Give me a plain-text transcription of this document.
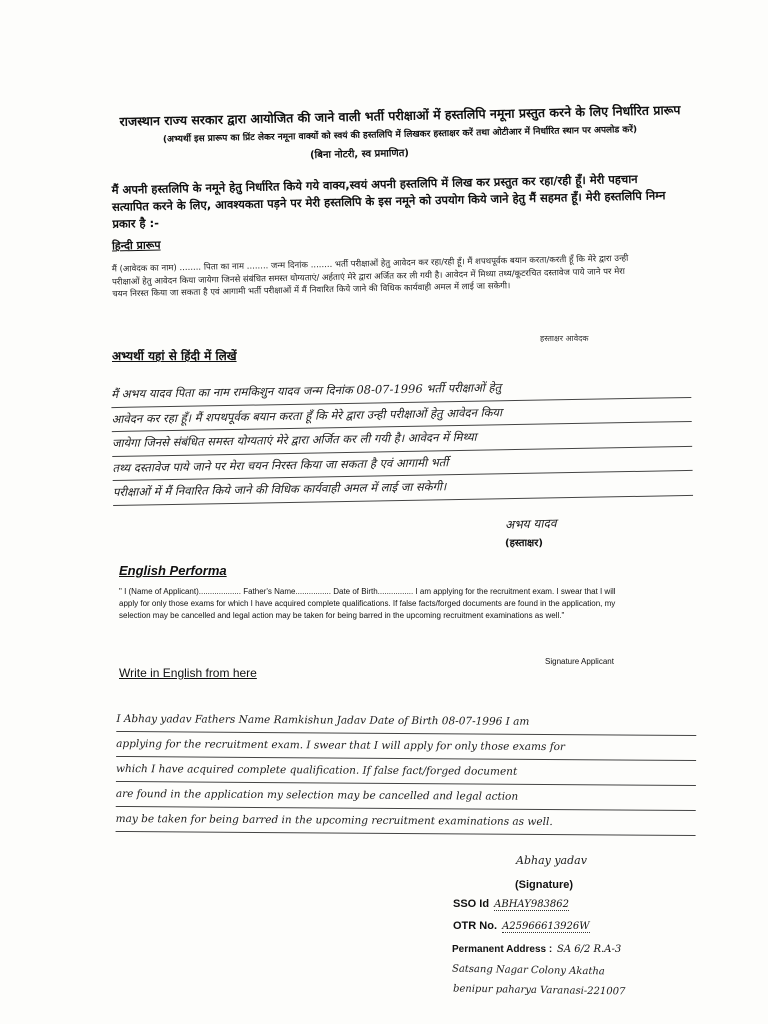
राजस्थान राज्य सरकार द्वारा आयोजित की जाने वाली भर्ती परीक्षाओं में हस्तलिपि नमूना प्रस्तुत करने के लिए निर्धारित प्रारूप
(अभ्यर्थी इस प्रारूप का प्रिंट लेकर नमूना वाक्यों को स्वयं की हस्तलिपि में लिखकर हस्ताक्षर करें तथा ओटीआर में निर्धारित स्थान पर अपलोड करें)
(बिना नोटरी, स्व प्रमाणित)
मैं अपनी हस्तलिपि के नमूने हेतु निर्धारित किये गये वाक्य,स्वयं अपनी हस्तलिपि में लिख कर प्रस्तुत कर रहा/रही हूँ। मेरी पहचान सत्यापित करने के लिए, आवश्यकता पड़ने पर मेरी हस्तलिपि के इस नमूने को उपयोग किये जाने हेतु मैं सहमत हूँ। मेरी हस्तलिपि निम्न प्रकार है :-
हिन्दी प्रारूप
मैं (आवेदक का नाम) ........ पिता का नाम ........ जन्म दिनांक ........ भर्ती परीक्षाओं हेतु आवेदन कर रहा/रही हूँ। मैं शपथपूर्वक बयान करता/करती हूँ कि मेरे द्वारा उन्ही परीक्षाओं हेतु आवेदन किया जायेगा जिनसे संबंधित समस्त योग्यताएं/ अर्हताएं मेरे द्वारा अर्जित कर ली गयी है। आवेदन में मिथ्या तथ्य/कूटरचित दस्तावेज पाये जाने पर मेरा चयन निरस्त किया जा सकता है एवं आगामी भर्ती परीक्षाओं में मैं निवारित किये जाने की विधिक कार्यवाही अमल में लाई जा सकेगी।
हस्ताक्षर आवेदक
अभ्यर्थी यहां से हिंदी में लिखें
मैं अभय यादव पिता का नाम रामकिशुन यादव जन्म दिनांक 08-07-1996 भर्ती परीक्षाओं हेतु
आवेदन कर रहा हूँ। मैं शपथपूर्वक बयान करता हूँ कि मेरे द्वारा उन्ही परीक्षाओं हेतु आवेदन किया
जायेगा जिनसे संबंधित समस्त योग्यताएं मेरे द्वारा अर्जित कर ली गयी है। आवेदन में मिथ्या
तथ्य दस्तावेज पाये जाने पर मेरा चयन निरस्त किया जा सकता है एवं आगामी भर्ती
परीक्षाओं में मैं निवारित किये जाने की विधिक कार्यवाही अमल में लाई जा सकेगी।
अभय यादव
(हस्ताक्षर)
English Performa
" I (Name of Applicant)................... Father's Name................ Date of Birth................ I am applying for the recruitment exam. I swear that I will apply for only those exams for which I have acquired complete qualifications. If false facts/forged documents are found in the application, my selection may be cancelled and legal action may be taken for being barred in the upcoming recruitment examinations as well."
Signature Applicant
Write in English from here
I Abhay yadav Fathers Name Ramkishun Jadav Date of Birth 08-07-1996 I am
applying for the recruitment exam. I swear that I will apply for only those exams for
which I have acquired complete qualification. If false fact/forged document
are found in the application my selection may be cancelled and legal action
may be taken for being barred in the upcoming recruitment examinations as well.
Abhay yadav
(Signature)
SSO Id ABHAY983862
OTR No. A25966613926W
Permanent Address : SA 6/2 R.A-3
Satsang Nagar Colony Akatha
benipur paharya Varanasi-221007
